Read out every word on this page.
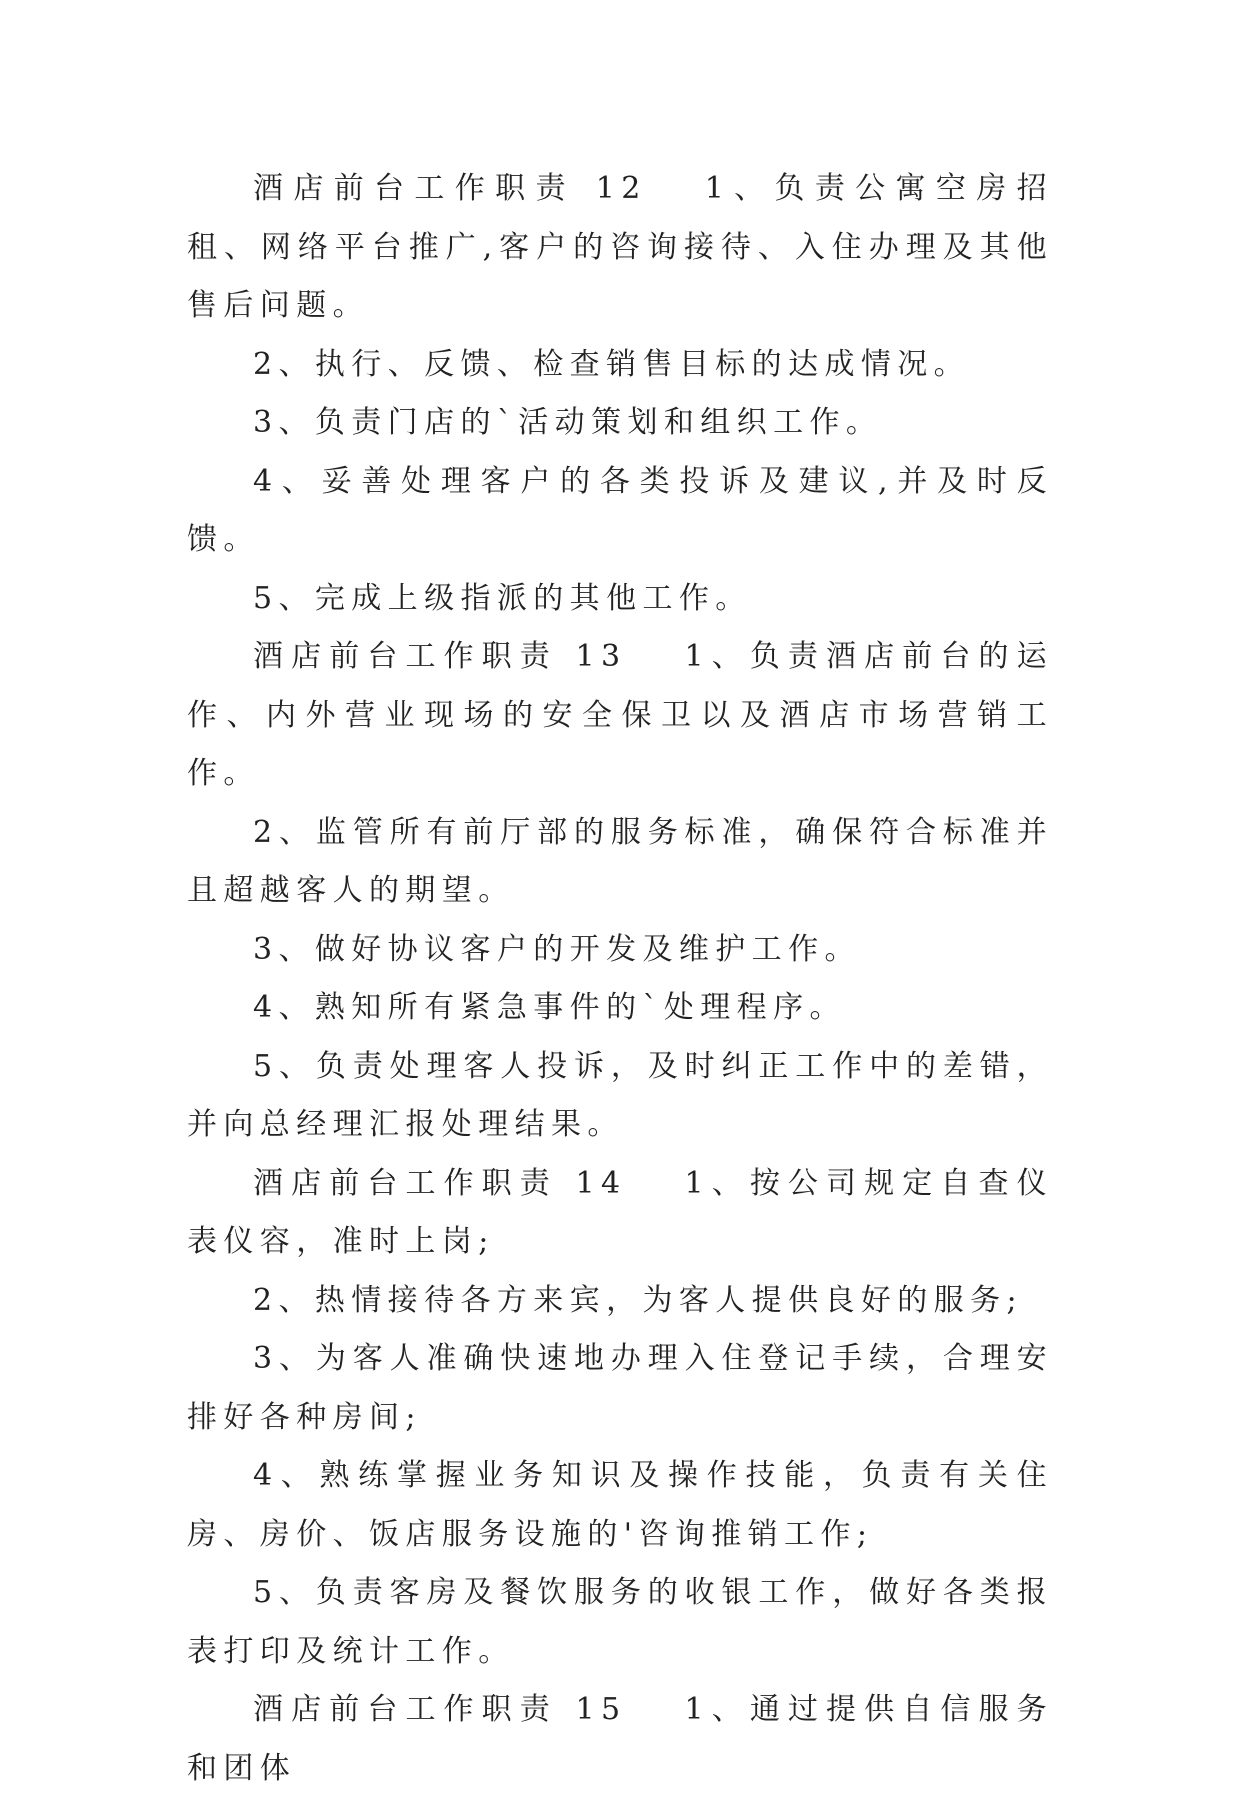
酒店前台工作职责 12 1、负责公寓空房招租、网络平台推广,客户的咨询接待、入住办理及其他售后问题。

2、执行、反馈、检查销售目标的达成情况。

3、负责门店的`活动策划和组织工作。

4、妥善处理客户的各类投诉及建议,并及时反馈。

5、完成上级指派的其他工作。

酒店前台工作职责 13 1、负责酒店前台的运作、内外营业现场的安全保卫以及酒店市场营销工作。

2、监管所有前厅部的服务标准，确保符合标准并且超越客人的期望。

3、做好协议客户的开发及维护工作。

4、熟知所有紧急事件的`处理程序。

5、负责处理客人投诉，及时纠正工作中的差错，并向总经理汇报处理结果。

酒店前台工作职责 14 1、按公司规定自查仪表仪容，准时上岗;

2、热情接待各方来宾，为客人提供良好的服务;

3、为客人准确快速地办理入住登记手续，合理安排好各种房间;

4、熟练掌握业务知识及操作技能，负责有关住房、房价、饭店服务设施的'咨询推销工作;

5、负责客房及餐饮服务的收银工作，做好各类报表打印及统计工作。

酒店前台工作职责 15 1、通过提供自信服务和团体
